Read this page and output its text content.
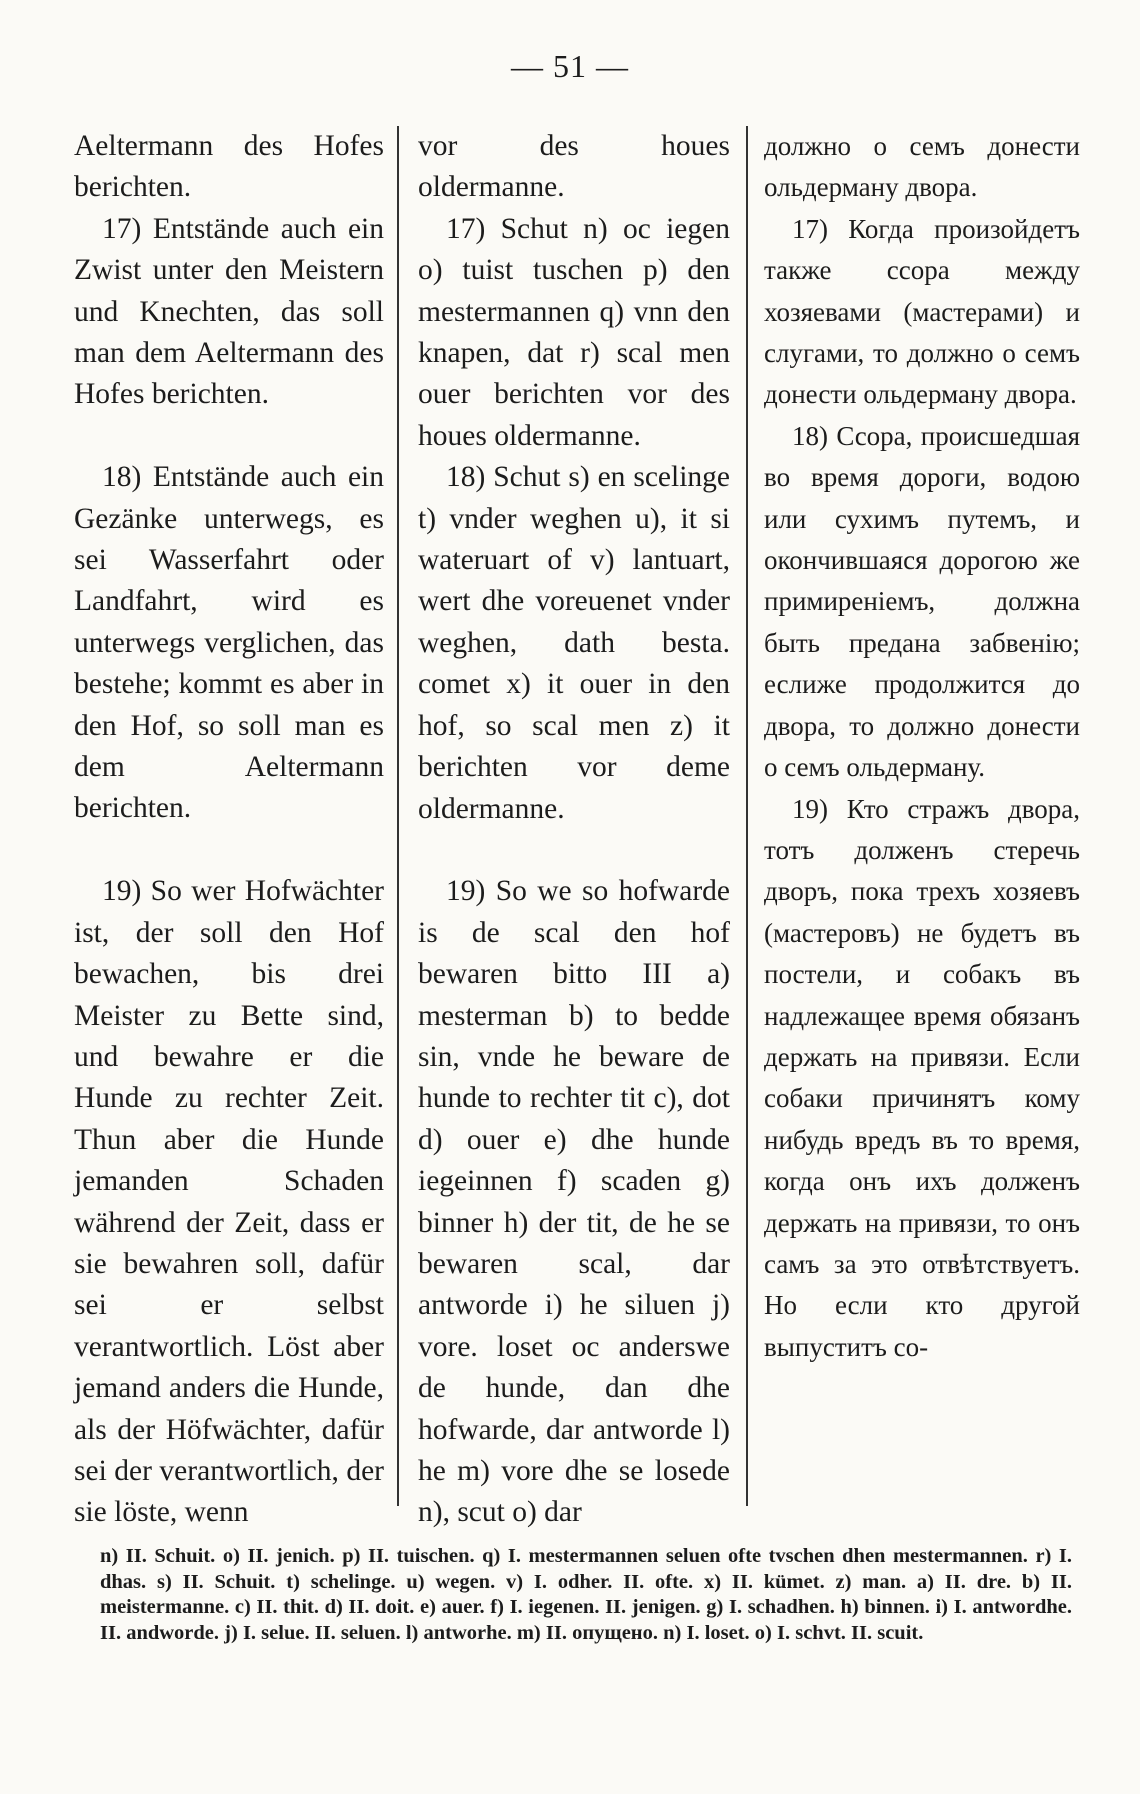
— 51 —

Aeltermann des Hofes berichten.

17) Entstände auch ein Zwist unter den Meistern und Knechten, das soll man dem Aeltermann des Hofes berichten.

18) Entstände auch ein Gezänke unterwegs, es sei Wasserfahrt oder Landfahrt, wird es unterwegs verglichen, das bestehe; kommt es aber in den Hof, so soll man es dem Aeltermann berichten.

19) So wer Hofwächter ist, der soll den Hof bewachen, bis drei Meister zu Bette sind, und bewahre er die Hunde zu rechter Zeit. Thun aber die Hunde jemanden Schaden während der Zeit, dass er sie bewahren soll, dafür sei er selbst verantwortlich. Löst aber jemand anders die Hunde, als der Höfwächter, dafür sei der verantwortlich, der sie löste, wenn

vor des houes oldermanne.

17) Schut n) oc iegen o) tuist tuschen p) den mestermannen q) vnn den knapen, dat r) scal men ouer berichten vor des houes oldermanne.

18) Schut s) en scelinge t) vnder weghen u), it si wateruart of v) lantuart, wert dhe voreuenet vnder weghen, dath besta. comet x) it ouer in den hof, so scal men z) it berichten vor deme oldermanne.

19) So we so hofwarde is de scal den hof bewaren bitto III a) mesterman b) to bedde sin, vnde he beware de hunde to rechter tit c), dot d) ouer e) dhe hunde iegeinnen f) scaden g) binner h) der tit, de he se bewaren scal, dar antworde i) he siluen j) vore. loset oc anderswe de hunde, dan dhe hofwarde, dar antworde l) he m) vore dhe se losede n), scut o) dar

должно о семъ донести ольдерману двора.

17) Когда произойдетъ также ссора между хозяевами (мастерами) и слугами, то должно о семъ донести ольдерману двора.

18) Ссора, происшедшая во время дороги, водою или сухимъ путемъ, и окончившаяся дорогою же примиреніемъ, должна быть предана забвенію; еслиже продолжится до двора, то должно донести о семъ ольдерману.

19) Кто стражъ двора, тотъ долженъ стеречь дворъ, пока трехъ хозяевъ (мастеровъ) не будетъ въ постели, и собакъ въ надлежащее время обязанъ держать на привязи. Если собаки причинятъ кому нибудь вредъ въ то время, когда онъ ихъ долженъ держать на привязи, то онъ самъ за это отвѣтствуетъ. Но если кто другой выпуститъ со-

n) II. Schuit. o) II. jenich. p) II. tuischen. q) I. mestermannen seluen ofte tvschen dhen mestermannen. r) I. dhas. s) II. Schuit. t) schelinge. u) wegen. v) I. odher. II. ofte. x) II. kümet. z) man. a) II. dre. b) II. meistermanne. c) II. thit. d) II. doit. e) auer. f) I. iegenen. II. jenigen. g) I. schadhen. h) binnen. i) I. antwordhe. II. andworde. j) I. selue. II. seluen. l) antworhe. m) II. опущено. n) I. loset. o) I. schvt. II. scuit.
